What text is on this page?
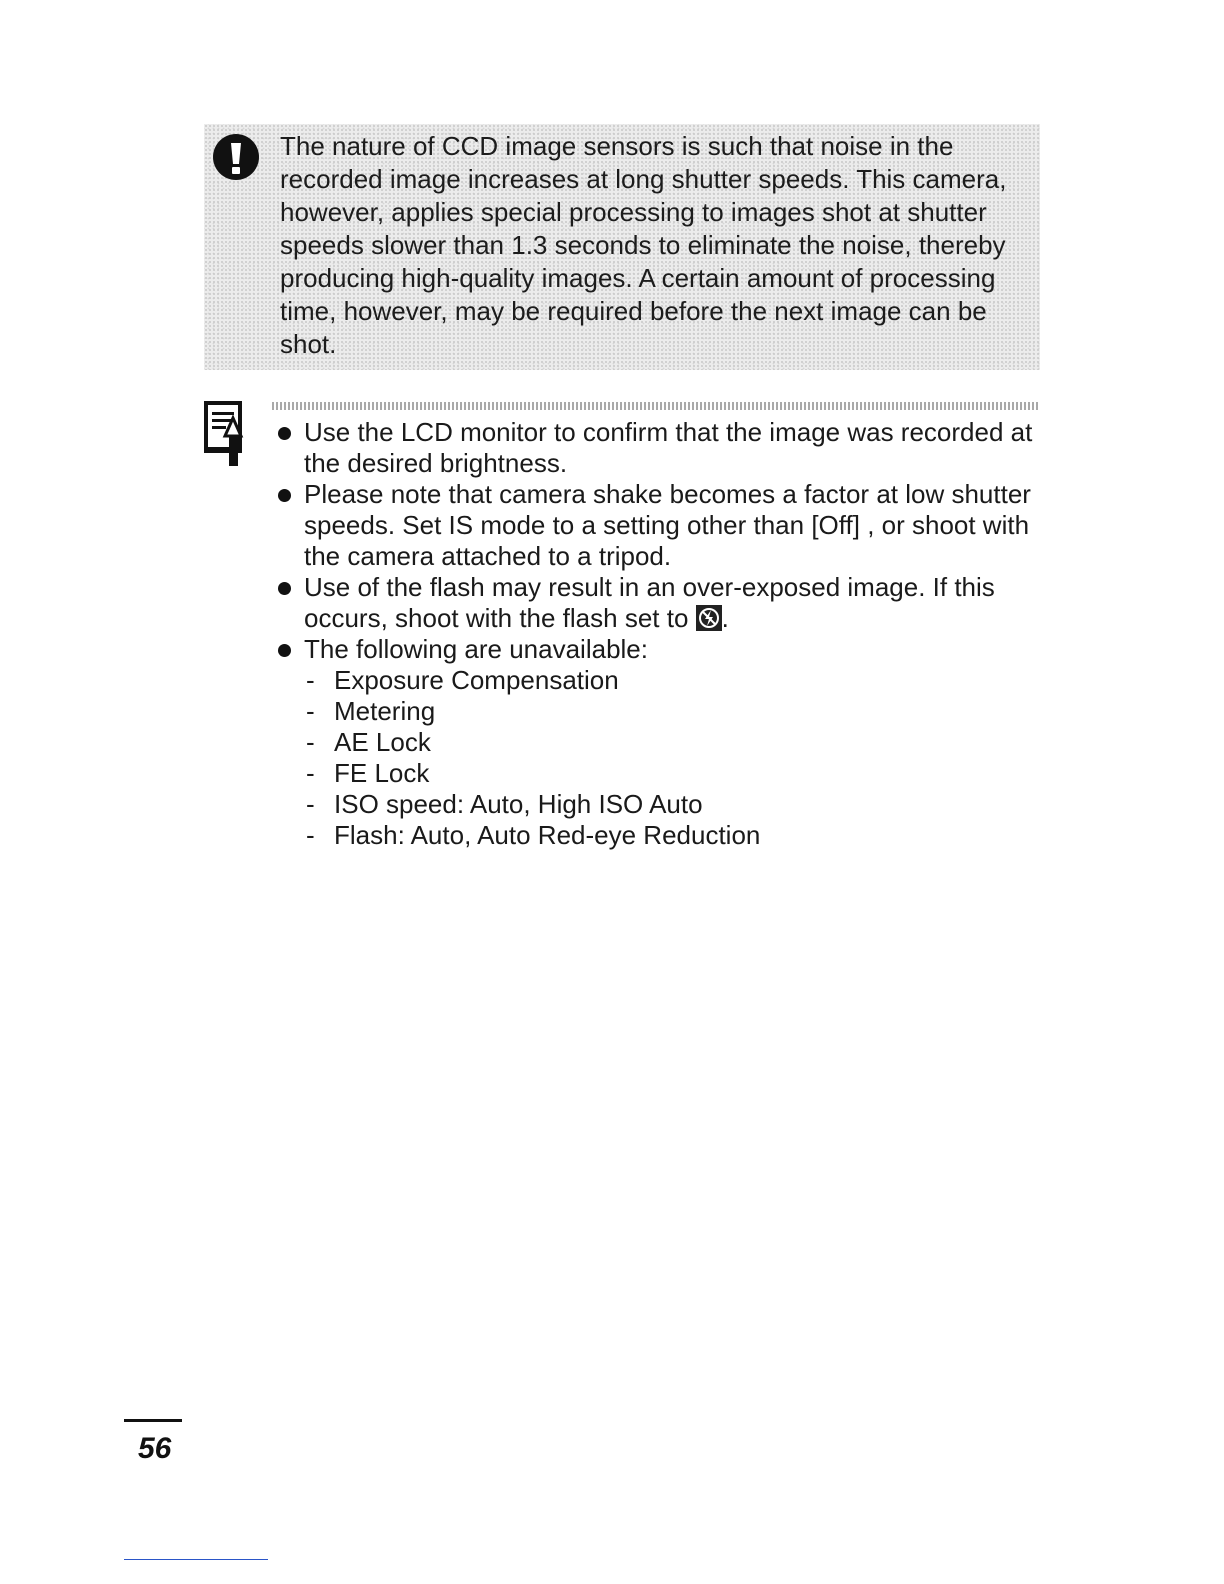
The nature of CCD image sensors is such that noise in the recorded image increases at long shutter speeds. This camera, however, applies special processing to images shot at shutter speeds slower than 1.3 seconds to eliminate the noise, thereby producing high-quality images. A certain amount of processing time, however, may be required before the next image can be shot.

Use the LCD monitor to confirm that the image was recorded at the desired brightness.
Please note that camera shake becomes a factor at low shutter speeds. Set IS mode to a setting other than [Off] , or shoot with the camera attached to a tripod.
Use of the flash may result in an over-exposed image. If this occurs, shoot with the flash set to .
The following are unavailable:
- Exposure Compensation
- Metering
- AE Lock
- FE Lock
- ISO speed: Auto, High ISO Auto
- Flash: Auto, Auto Red-eye Reduction
56
